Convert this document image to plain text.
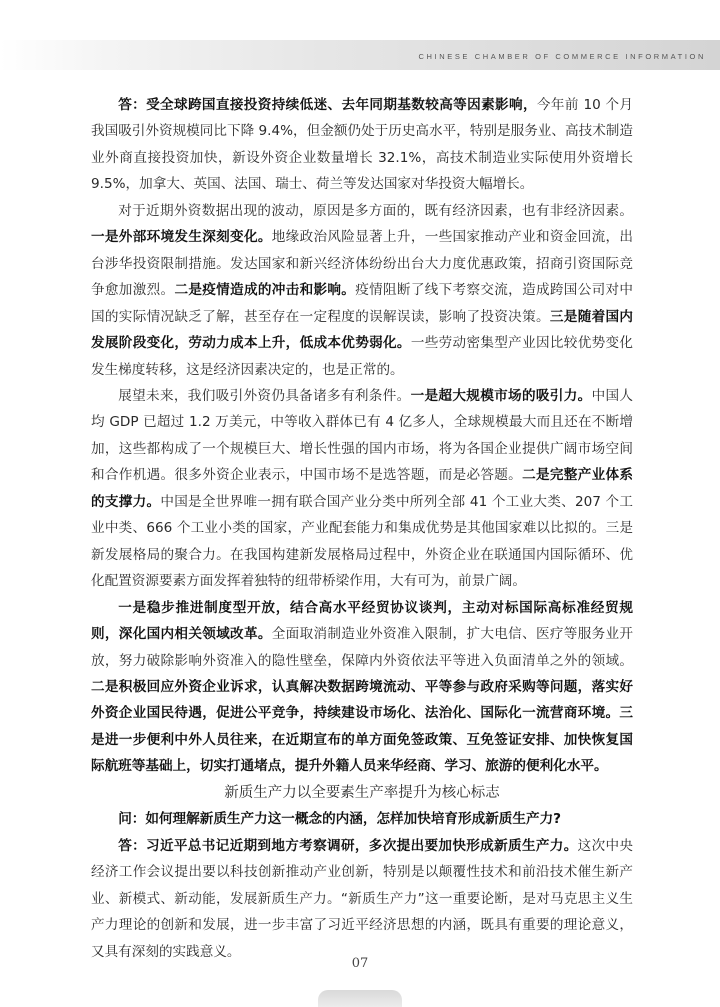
CHINESE CHAMBER OF COMMERCE INFORMATION

答：受全球跨国直接投资持续低迷、去年同期基数较高等因素影响，今年前 10 个月我国吸引外资规模同比下降 9.4%，但金额仍处于历史高水平，特别是服务业、高技术制造业外商直接投资加快，新设外资企业数量增长 32.1%，高技术制造业实际使用外资增长 9.5%，加拿大、英国、法国、瑞士、荷兰等发达国家对华投资大幅增长。

对于近期外资数据出现的波动，原因是多方面的，既有经济因素，也有非经济因素。一是外部环境发生深刻变化。地缘政治风险显著上升，一些国家推动产业和资金回流，出台涉华投资限制措施。发达国家和新兴经济体纷纷出台大力度优惠政策，招商引资国际竞争愈加激烈。二是疫情造成的冲击和影响。疫情阻断了线下考察交流，造成跨国公司对中国的实际情况缺乏了解，甚至存在一定程度的误解误读，影响了投资决策。三是随着国内发展阶段变化，劳动力成本上升，低成本优势弱化。一些劳动密集型产业因比较优势变化发生梯度转移，这是经济因素决定的，也是正常的。

展望未来，我们吸引外资仍具备诸多有利条件。一是超大规模市场的吸引力。中国人均 GDP 已超过 1.2 万美元，中等收入群体已有 4 亿多人，全球规模最大而且还在不断增加，这些都构成了一个规模巨大、增长性强的国内市场，将为各国企业提供广阔市场空间和合作机遇。很多外资企业表示，中国市场不是选答题，而是必答题。二是完整产业体系的支撑力。中国是全世界唯一拥有联合国产业分类中所列全部 41 个工业大类、207 个工业中类、666 个工业小类的国家，产业配套能力和集成优势是其他国家难以比拟的。三是新发展格局的聚合力。在我国构建新发展格局过程中，外资企业在联通国内国际循环、优化配置资源要素方面发挥着独特的纽带桥梁作用，大有可为，前景广阔。

一是稳步推进制度型开放，结合高水平经贸协议谈判，主动对标国际高标准经贸规则，深化国内相关领域改革。全面取消制造业外资准入限制，扩大电信、医疗等服务业开放，努力破除影响外资准入的隐性壁垒，保障内外资依法平等进入负面清单之外的领域。二是积极回应外资企业诉求，认真解决数据跨境流动、平等参与政府采购等问题，落实好外资企业国民待遇，促进公平竞争，持续建设市场化、法治化、国际化一流营商环境。三是进一步便利中外人员往来，在近期宣布的单方面免签政策、互免签证安排、加快恢复国际航班等基础上，切实打通堵点，提升外籍人员来华经商、学习、旅游的便利化水平。

新质生产力以全要素生产率提升为核心标志

问：如何理解新质生产力这一概念的内涵，怎样加快培育形成新质生产力?

答：习近平总书记近期到地方考察调研，多次提出要加快形成新质生产力。这次中央经济工作会议提出要以科技创新推动产业创新，特别是以颠覆性技术和前沿技术催生新产业、新模式、新动能，发展新质生产力。“新质生产力”这一重要论断，是对马克思主义生产力理论的创新和发展，进一步丰富了习近平经济思想的内涵，既具有重要的理论意义，又具有深刻的实践意义。

07
